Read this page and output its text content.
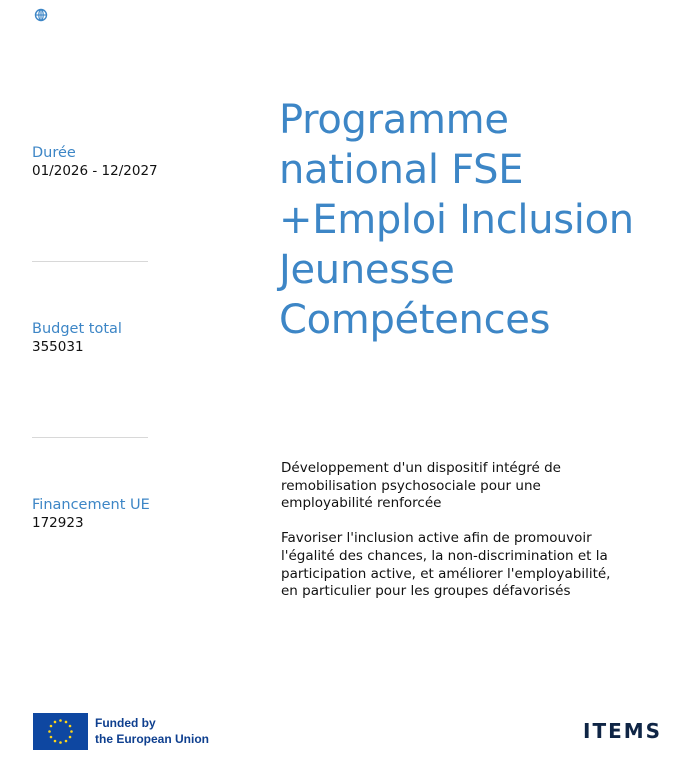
Durée
01/2026 - 12/2027
Budget total
355031
Financement UE
172923
Programme
national FSE
+Emploi Inclusion
Jeunesse
Compétences

Développement d'un dispositif intégré de remobilisation psychosociale pour une employabilité renforcée

Favoriser l'inclusion active afin de promouvoir l'égalité des chances, la non-discrimination et la participation active, et améliorer l'employabilité, en particulier pour les groupes défavorisés

Funded by
the European Union	ITEMS
